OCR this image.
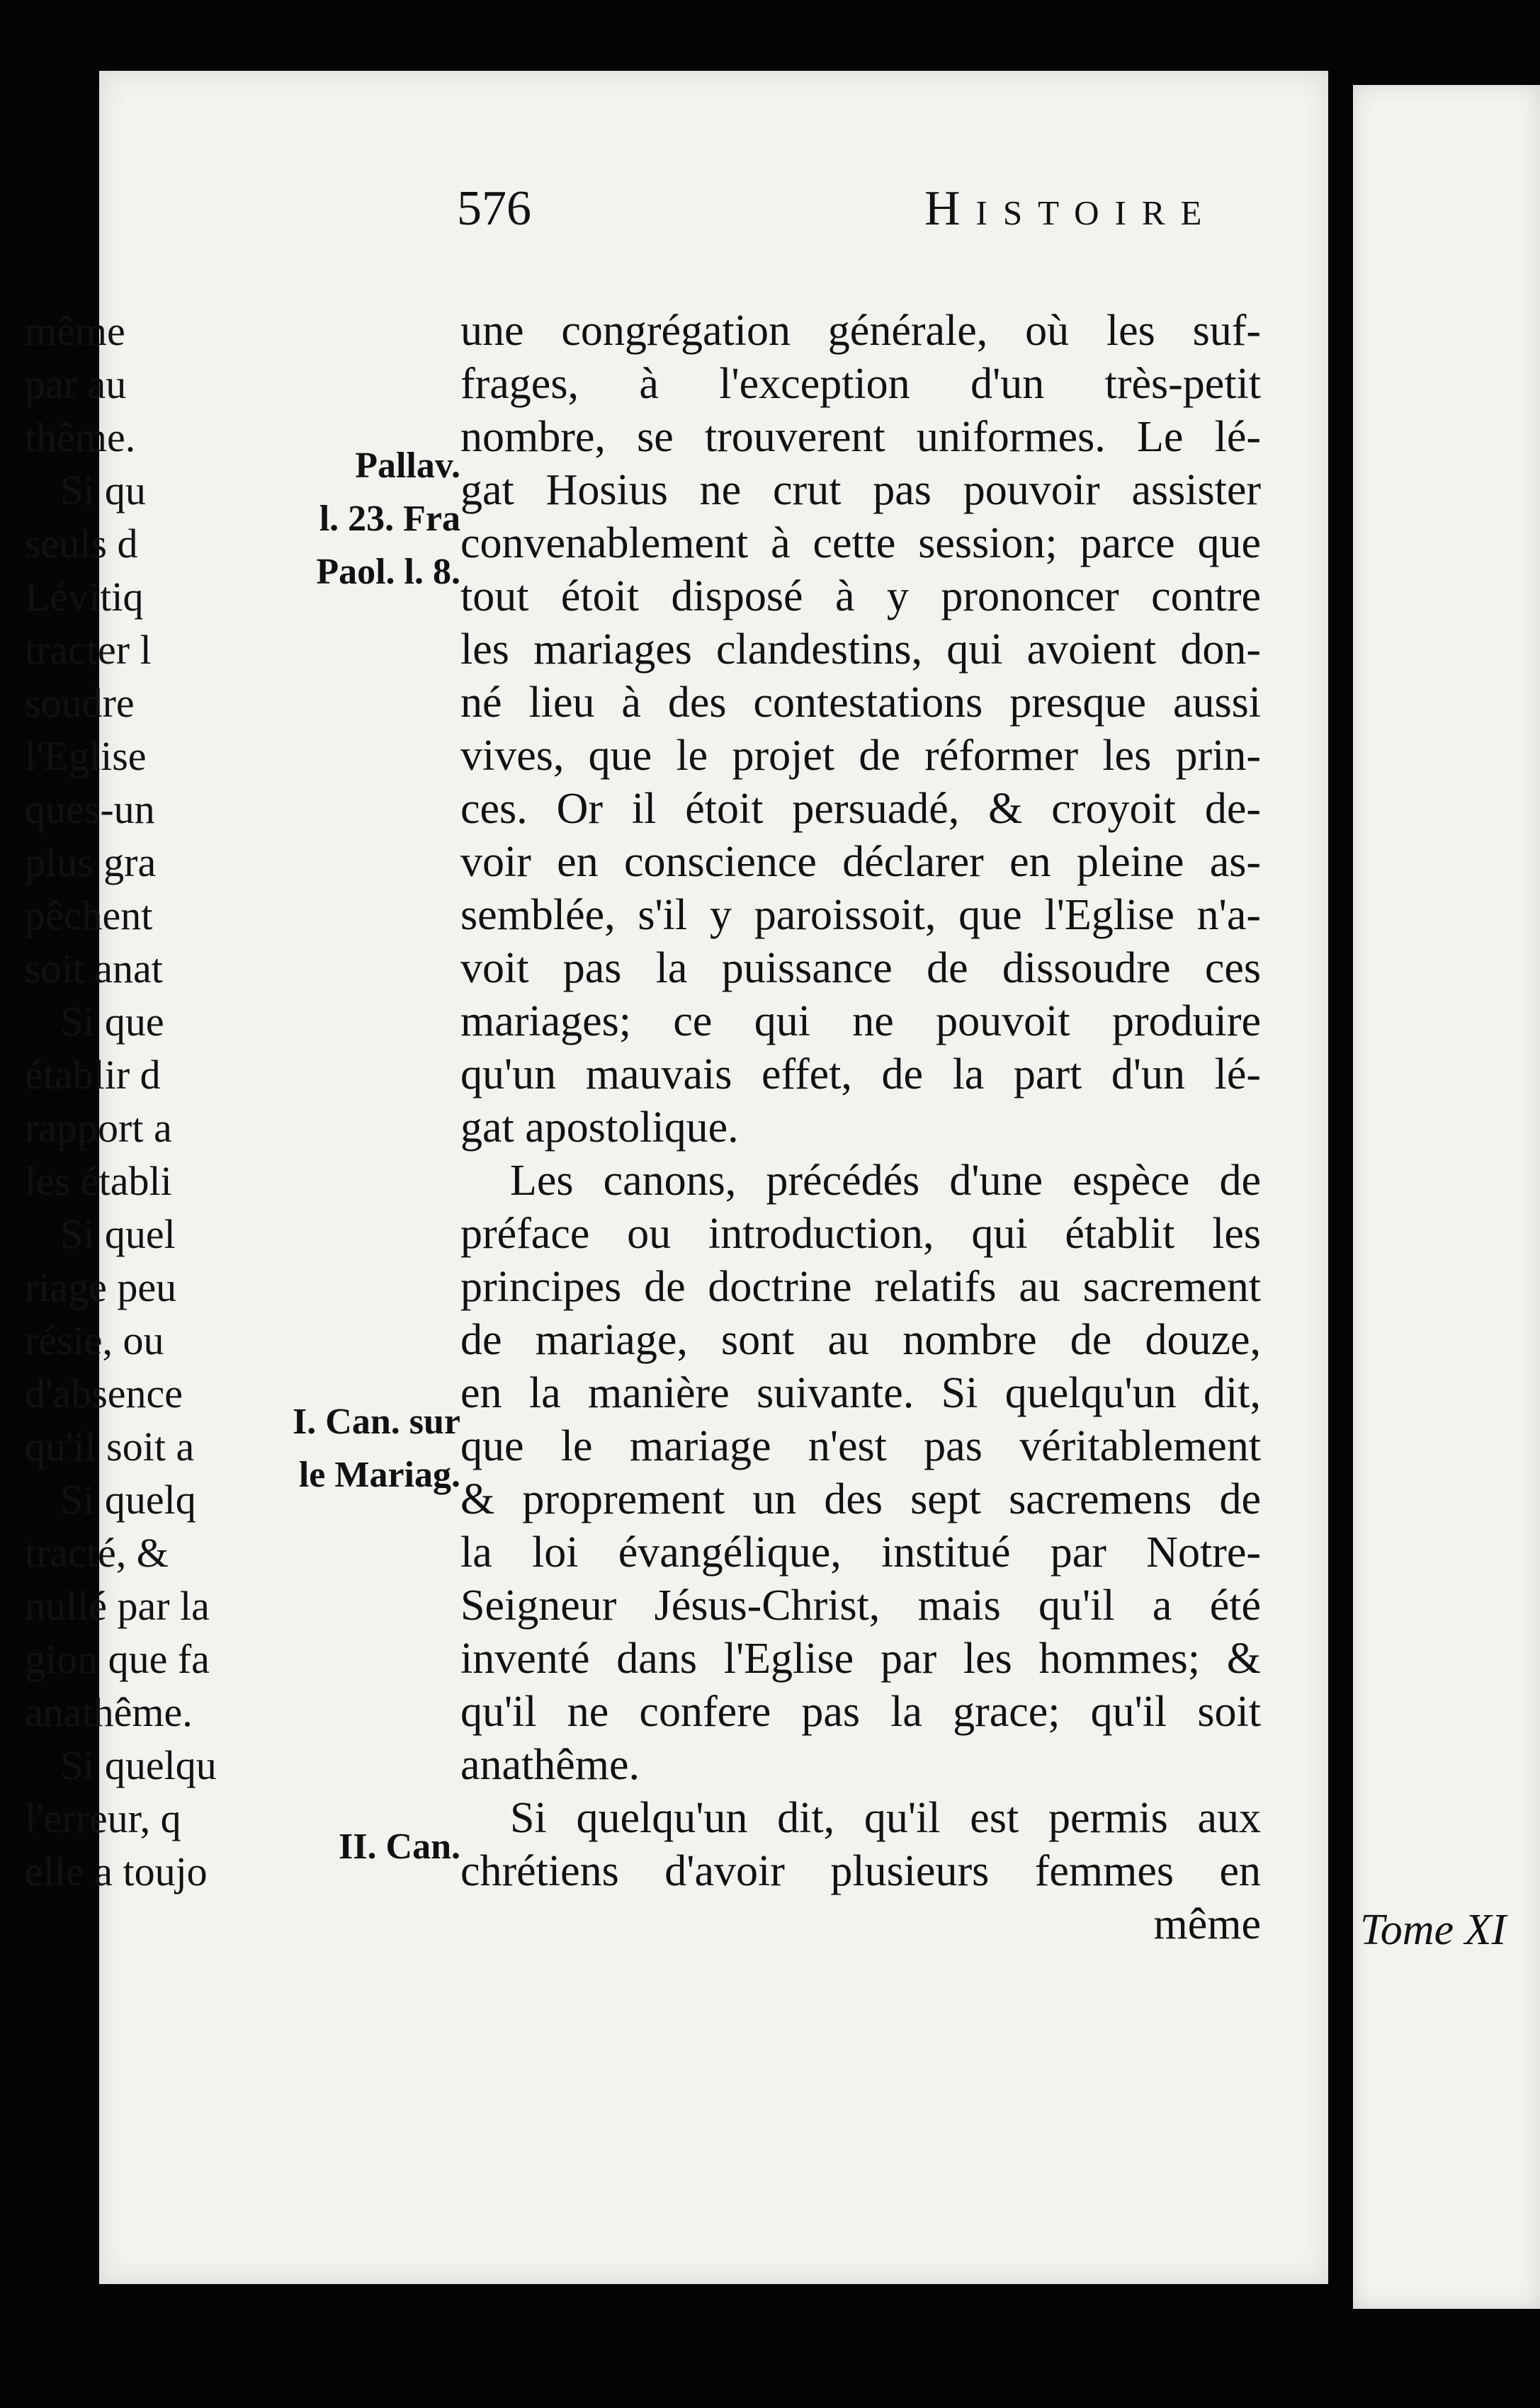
576	Histoire
une congrégation générale, où les suf-
frages, à l'exception d'un très-petit
nombre, se trouverent uniformes. Le lé-
gat Hosius ne crut pas pouvoir assister
convenablement à cette session; parce que
tout étoit disposé à y prononcer contre
les mariages clandestins, qui avoient don-
né lieu à des contestations presque aussi
vives, que le projet de réformer les prin-
ces. Or il étoit persuadé, & croyoit de-
voir en conscience déclarer en pleine as-
semblée, s'il y paroissoit, que l'Eglise n'a-
voit pas la puissance de dissoudre ces
mariages; ce qui ne pouvoit produire
qu'un mauvais effet, de la part d'un lé-
gat apostolique.
Les canons, précédés d'une espèce de
préface ou introduction, qui établit les
principes de doctrine relatifs au sacrement
de mariage, sont au nombre de douze,
en la manière suivante. Si quelqu'un dit,
que le mariage n'est pas véritablement
& proprement un des sept sacremens de
la loi évangélique, institué par Notre-
Seigneur Jésus-Christ, mais qu'il a été
inventé dans l'Eglise par les hommes; &
qu'il ne confere pas la grace; qu'il soit
anathême.
Si quelqu'un dit, qu'il est permis aux
chrétiens d'avoir plusieurs femmes en
même
Pallav.
l. 23. Fra
Paol. l. 8.
I. Can. sur
le Mariag.
II. Can.
même
par au
thême.
Si qu
seuls d
Lévitiq
tracter l
soudre
l'Eglise
ques-un
plus gra
pêchent
soit anat
Si que
établir d
rapport a
les établi
Si quel
riage peu
résie, ou
d'absence
qu'il soit a
Si quelq
tracté, &
nullé par la
gion que fa
anathême.
Si quelqu
l'erreur, q
elle a toujo
Tome XI
